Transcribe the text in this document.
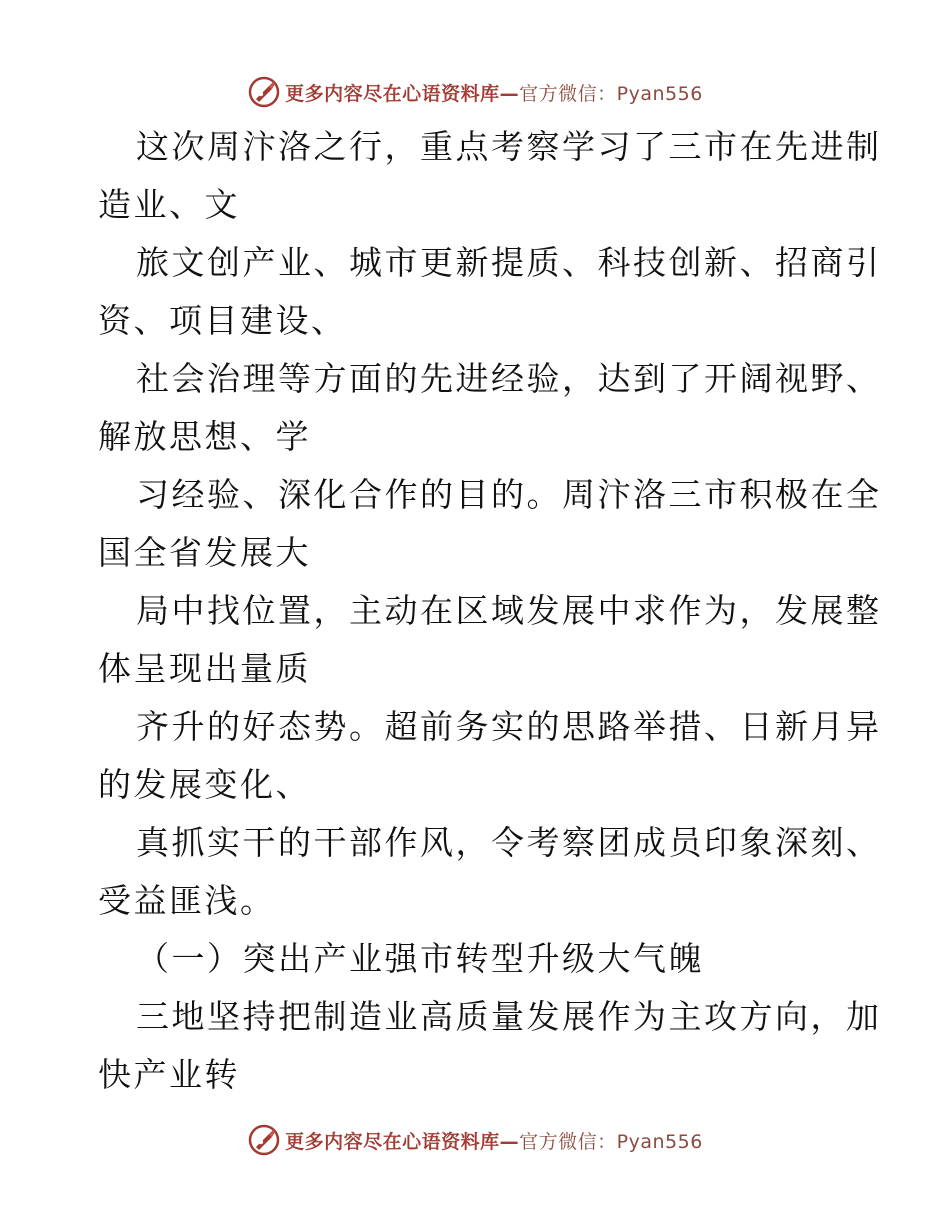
更多内容尽在心语资料库—官方微信：Pyan556
这次周汴洛之行，重点考察学习了三市在先进制
造业、文
旅文创产业、城市更新提质、科技创新、招商引
资、项目建设、
社会治理等方面的先进经验，达到了开阔视野、
解放思想、学
习经验、深化合作的目的。周汴洛三市积极在全
国全省发展大
局中找位置，主动在区域发展中求作为，发展整
体呈现出量质
齐升的好态势。超前务实的思路举措、日新月异
的发展变化、
真抓实干的干部作风，令考察团成员印象深刻、
受益匪浅。
（一）突出产业强市转型升级大气魄
三地坚持把制造业高质量发展作为主攻方向，加
快产业转
更多内容尽在心语资料库—官方微信：Pyan556
